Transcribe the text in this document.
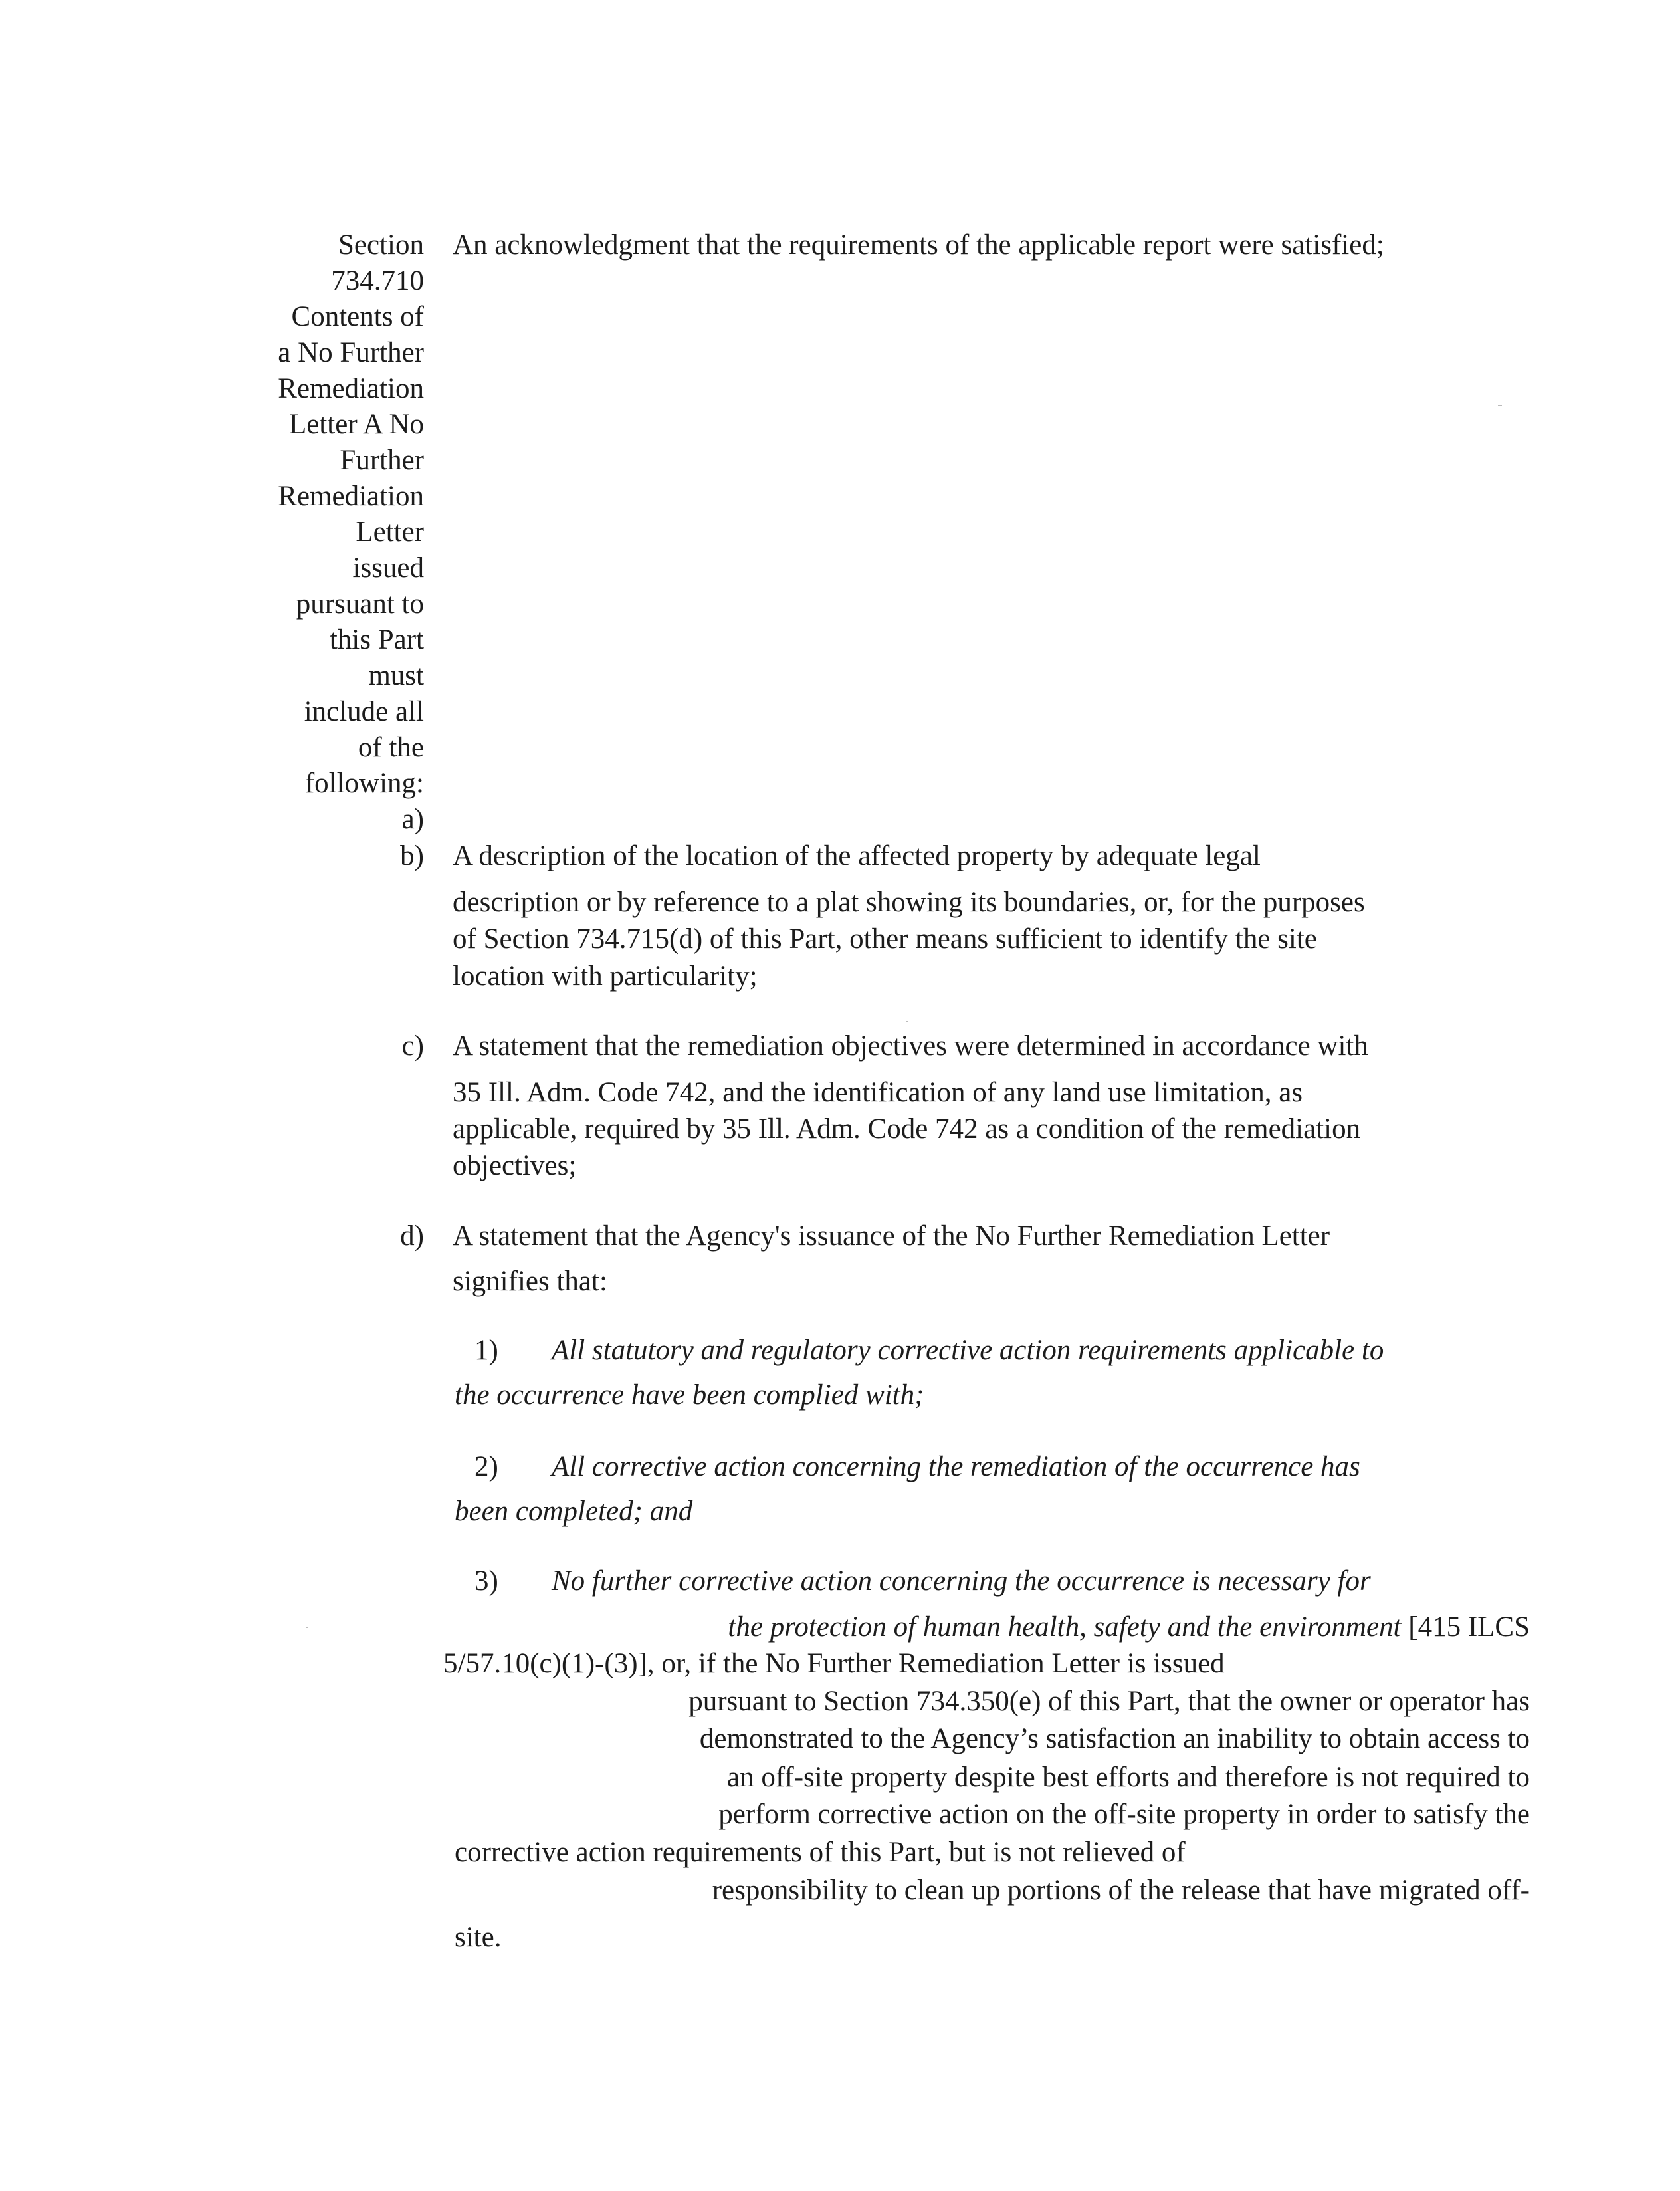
Section
734.710
Contents of
a No Further
Remediation
Letter A No
Further
Remediation
Letter
issued
pursuant to
this Part
must
include all
of the
following:
a)

An acknowledgment that the requirements of the applicable report were satisfied;

b) A description of the location of the affected property by adequate legal

description or by reference to a plat showing its boundaries, or, for the purposes

of Section 734.715(d) of this Part, other means sufficient to identify the site

location with particularity;

c) A statement that the remediation objectives were determined in accordance with

35 Ill. Adm. Code 742, and the identification of any land use limitation, as

applicable, required by 35 Ill. Adm. Code 742 as a condition of the remediation

objectives;

d) A statement that the Agency's issuance of the No Further Remediation Letter

signifies that:

1) All statutory and regulatory corrective action requirements applicable to

the occurrence have been complied with;

2) All corrective action concerning the remediation of the occurrence has

been completed; and

3) No further corrective action concerning the occurrence is necessary for

the protection of human health, safety and the environment [415 ILCS

5/57.10(c)(1)-(3)], or, if the No Further Remediation Letter is issued

pursuant to Section 734.350(e) of this Part, that the owner or operator has

demonstrated to the Agency’s satisfaction an inability to obtain access to

an off-site property despite best efforts and therefore is not required to

perform corrective action on the off-site property in order to satisfy the

corrective action requirements of this Part, but is not relieved of

responsibility to clean up portions of the release that have migrated off-

site.
